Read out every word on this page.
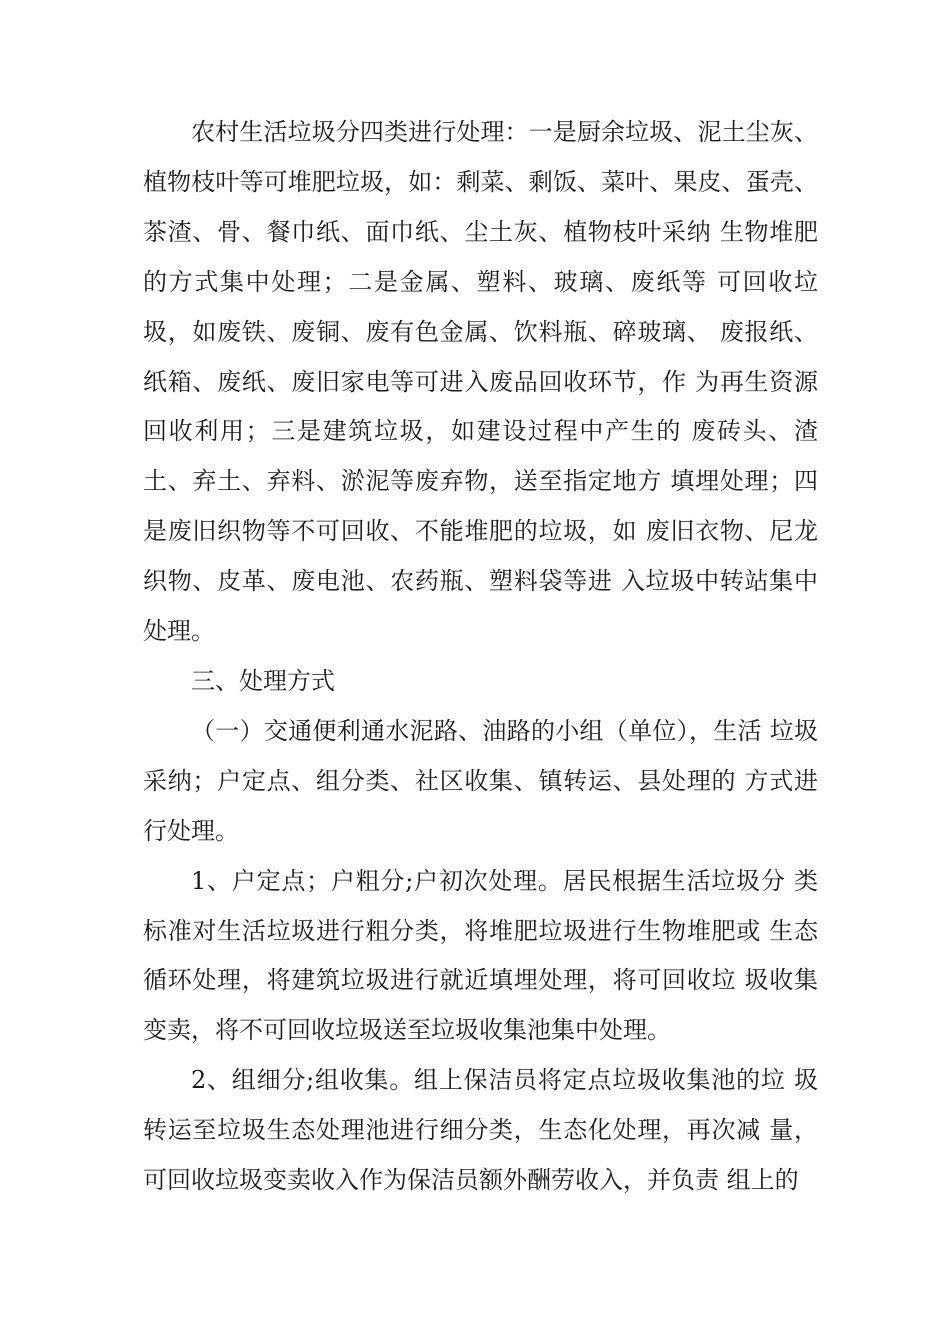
农村生活垃圾分四类进行处理：一是厨余垃圾、泥土尘灰、植物枝叶等可堆肥垃圾，如：剩菜、剩饭、菜叶、果皮、蛋壳、茶渣、骨、餐巾纸、面巾纸、尘土灰、植物枝叶采纳 生物堆肥的方式集中处理；二是金属、塑料、玻璃、废纸等 可回收垃圾，如废铁、废铜、废有色金属、饮料瓶、碎玻璃、 废报纸、纸箱、废纸、废旧家电等可进入废品回收环节，作 为再生资源回收利用；三是建筑垃圾，如建设过程中产生的 废砖头、渣土、弃土、弃料、淤泥等废弃物，送至指定地方 填埋处理；四是废旧织物等不可回收、不能堆肥的垃圾，如 废旧衣物、尼龙织物、皮革、废电池、农药瓶、塑料袋等进 入垃圾中转站集中处理。

三、处理方式

（一）交通便利通水泥路、油路的小组（单位），生活 垃圾采纳；户定点、组分类、社区收集、镇转运、县处理的 方式进行处理。

1、户定点；户粗分;户初次处理。居民根据生活垃圾分 类标准对生活垃圾进行粗分类，将堆肥垃圾进行生物堆肥或 生态循环处理，将建筑垃圾进行就近填埋处理，将可回收垃 圾收集变卖，将不可回收垃圾送至垃圾收集池集中处理。

2、组细分;组收集。组上保洁员将定点垃圾收集池的垃 圾转运至垃圾生态处理池进行细分类，生态化处理，再次减 量，可回收垃圾变卖收入作为保洁员额外酬劳收入，并负责 组上的
